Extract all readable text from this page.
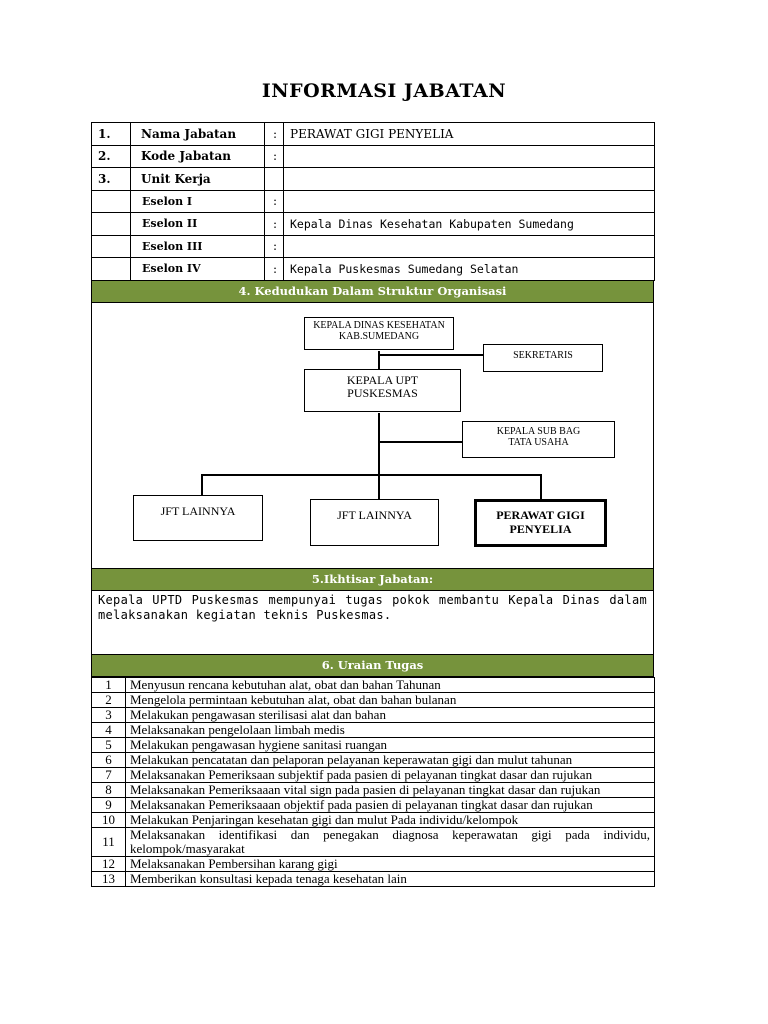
INFORMASI JABATAN
1.	Nama Jabatan	:	PERAWAT GIGI PENYELIA
2.	Kode Jabatan	:	
3.	Unit Kerja		
	Eselon I	:	
	Eselon II	:	Kepala Dinas Kesehatan Kabupaten Sumedang
	Eselon III	:	
	Eselon IV	:	Kepala Puskesmas Sumedang Selatan
4. Kedudukan Dalam Struktur Organisasi
KEPALA DINAS KESEHATAN
KAB.SUMEDANG
SEKRETARIS
KEPALA UPT
PUSKESMAS
KEPALA SUB BAG
TATA USAHA
JFT LAINNYA	JFT LAINNYA	PERAWAT GIGI
PENYELIA
5.Ikhtisar Jabatan:
Kepala UPTD Puskesmas mempunyai tugas pokok membantu Kepala Dinas dalam melaksanakan kegiatan teknis Puskesmas.
6. Uraian Tugas
1	Menyusun rencana kebutuhan alat, obat dan bahan Tahunan
2	Mengelola permintaan kebutuhan alat, obat dan bahan bulanan
3	Melakukan pengawasan sterilisasi alat dan bahan
4	Melaksanakan pengelolaan limbah medis
5	Melakukan pengawasan hygiene sanitasi ruangan
6	Melakukan pencatatan dan pelaporan pelayanan keperawatan gigi dan mulut tahunan
7	Melaksanakan Pemeriksaan subjektif pada pasien di pelayanan tingkat dasar dan rujukan
8	Melaksanakan Pemeriksaaan vital sign pada pasien di pelayanan tingkat dasar dan rujukan
9	Melaksanakan Pemeriksaaan objektif pada pasien di pelayanan tingkat dasar dan rujukan
10	Melakukan Penjaringan kesehatan gigi dan mulut Pada individu/kelompok
11	Melaksanakan identifikasi dan penegakan diagnosa keperawatan gigi pada individu, kelompok/masyarakat
12	Melaksanakan Pembersihan karang gigi
13	Memberikan konsultasi kepada tenaga kesehatan lain
